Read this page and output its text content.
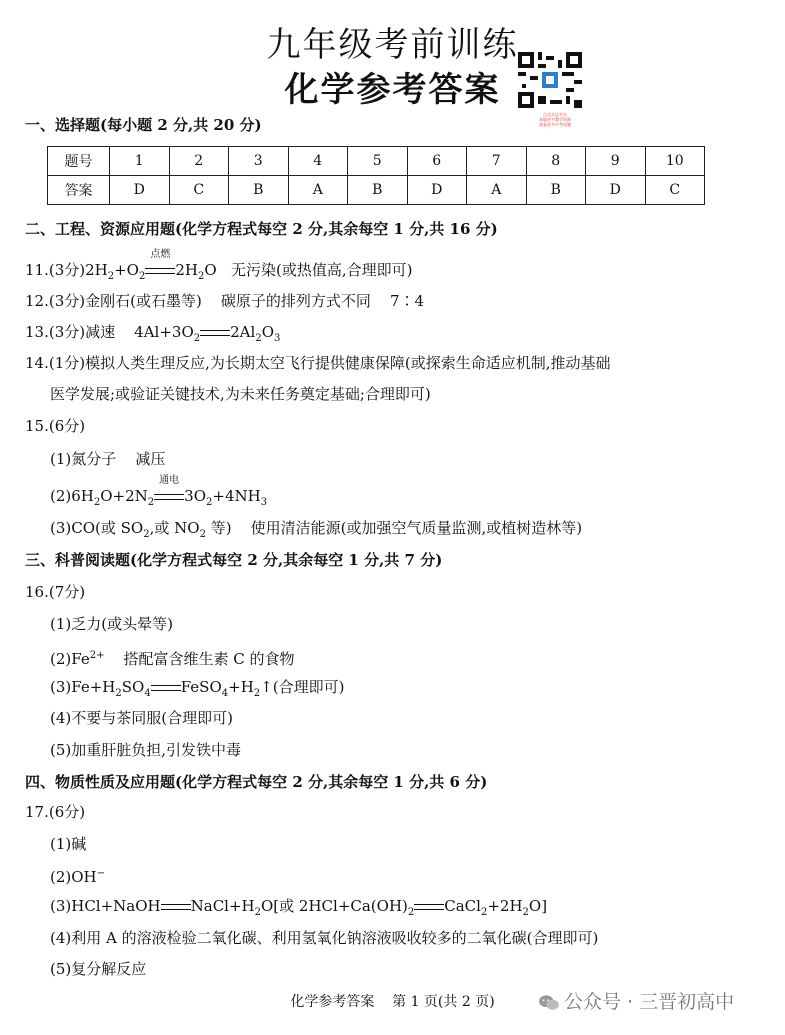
九年级考前训练
化学参考答案
点击关注平台
获取更多教学资源
查看更多中考试题
一、选择题(每小题 2 分,共 20 分)
题号	1	2	3	4	5	6	7	8	9	10
答案	D	C	B	A	B	D	A	B	D	C
二、工程、资源应用题(化学方程式每空 2 分,其余每空 1 分,共 16 分)
11.(3分)$2H_2+O_2$
点燃
$2H_2O$ 无污染(或热值高,合理即可)
12.(3分)金刚石(或石墨等)    碳原子的排列方式不同    7∶4
13.(3分)减速    $4Al+3O_2$ $2Al_2O_3$
14.(1分)模拟人类生理反应,为长期太空飞行提供健康保障(或探索生命适应机制,推动基础
医学发展;或验证关键技术,为未来任务奠定基础;合理即可)
15.(6分)
(1)氮分子    减压
$(2)6H_2O+2N_2$
通电
$3O_2+4NH_3$
(3)CO(或 $SO_2$,或 $NO_2$ 等)    使用清洁能源(或加强空气质量监测,或植树造林等)
三、科普阅读题(化学方程式每空 2 分,其余每空 1 分,共 7 分)
16.(7分)
(1)乏力(或头晕等)
$(2)Fe^{2+}$    搭配富含维生素 C 的食物
$(3)Fe+H_2SO_4$ $FeSO_4+H_2↑$(合理即可)
(4)不要与茶同服(合理即可)
(5)加重肝脏负担,引发铁中毒
四、物质性质及应用题(化学方程式每空 2 分,其余每空 1 分,共 6 分)
17.(6分)
(1)碱
(2)OH−
(3)HCl+NaOH $NaCl+H_2O$[或 $2HCl+Ca(OH)_2$ $CaCl_2+2H_2O$]
(4)利用 A 的溶液检验二氧化碳、利用氢氧化钠溶液吸收较多的二氧化碳(合理即可)
(5)复分解反应
化学参考答案    第 1 页(共 2 页)	公众号 · 三晋初高中
